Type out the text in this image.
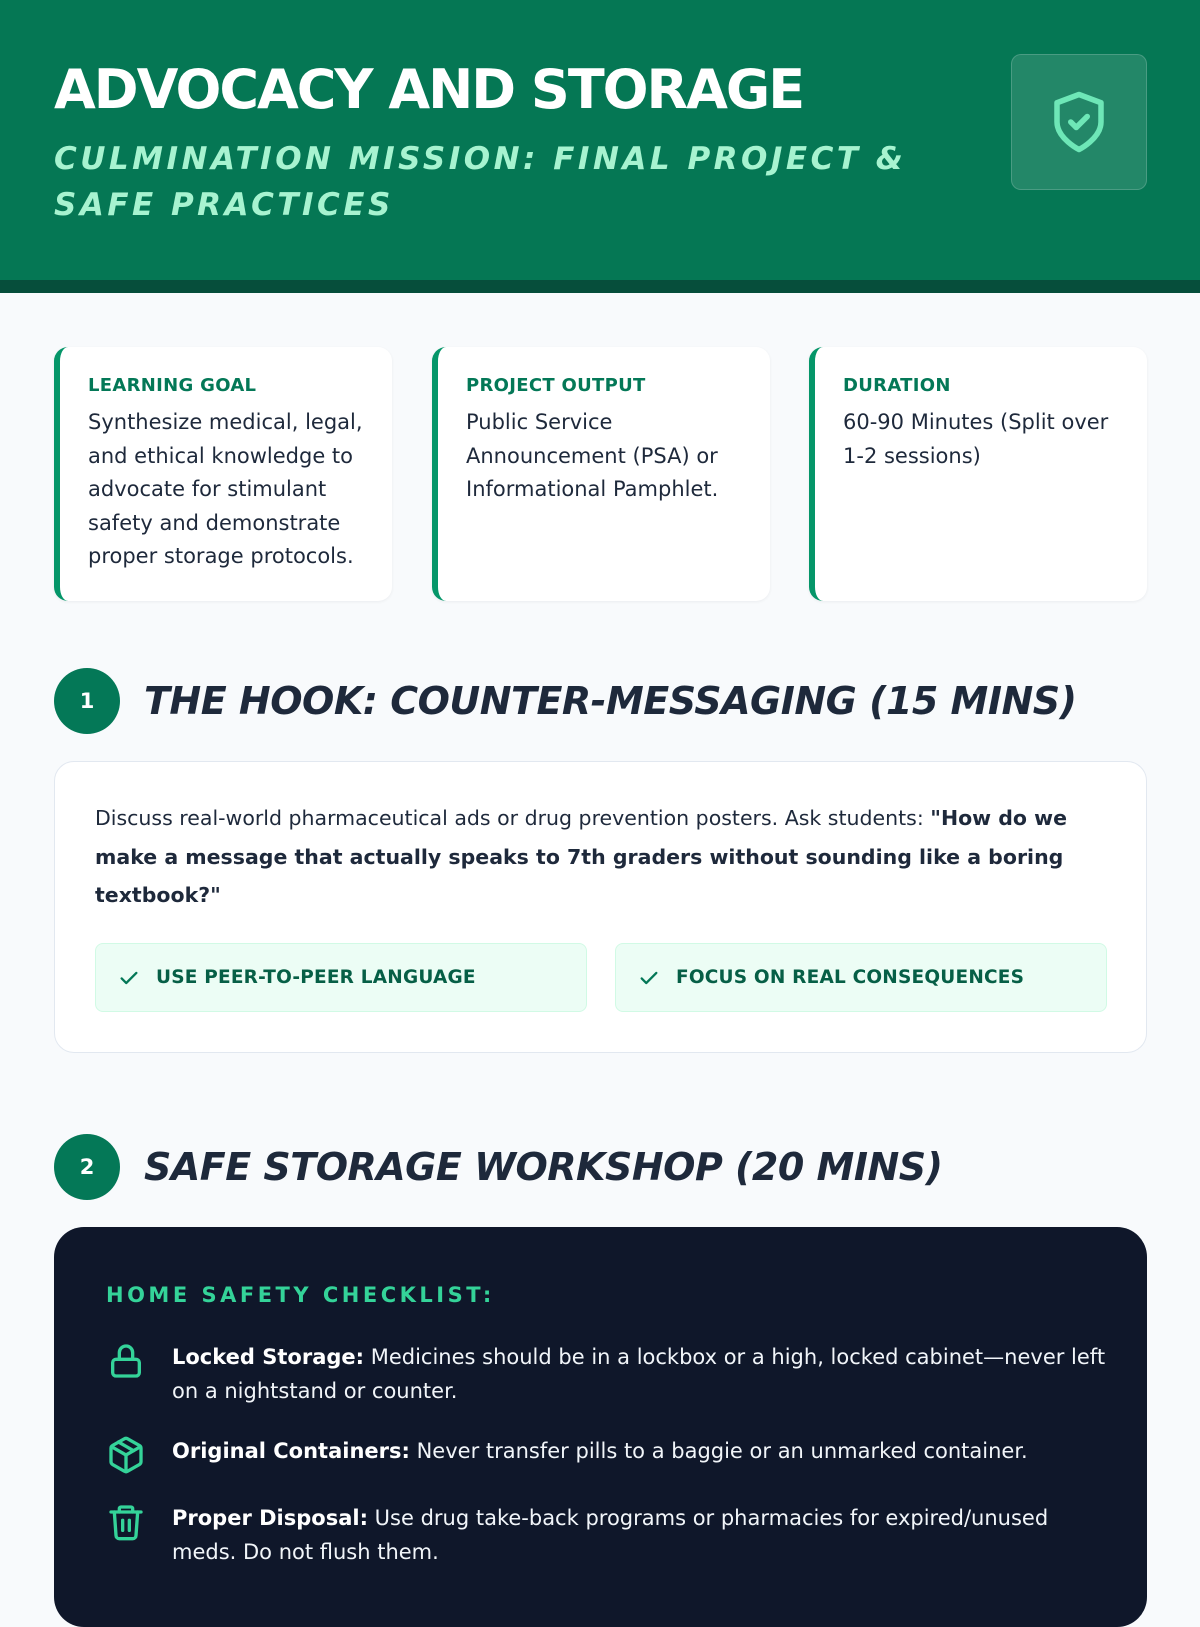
ADVOCACY AND STORAGE
CULMINATION MISSION: FINAL PROJECT & SAFE PRACTICES
LEARNING GOAL
Synthesize medical, legal, and ethical knowledge to advocate for stimulant safety and demonstrate proper storage protocols.
PROJECT OUTPUT
Public Service Announcement (PSA) or Informational Pamphlet.
DURATION
60-90 Minutes (Split over 1-2 sessions)
1	THE HOOK: COUNTER-MESSAGING (15 MINS)
Discuss real-world pharmaceutical ads or drug prevention posters. Ask students: "How do we make a message that actually speaks to 7th graders without sounding like a boring textbook?"
USE PEER-TO-PEER LANGUAGE	FOCUS ON REAL CONSEQUENCES
2	SAFE STORAGE WORKSHOP (20 MINS)
HOME SAFETY CHECKLIST:
Locked Storage: Medicines should be in a lockbox or a high, locked cabinet—never left on a nightstand or counter.
Original Containers: Never transfer pills to a baggie or an unmarked container.
Proper Disposal: Use drug take-back programs or pharmacies for expired/unused meds. Do not flush them.
